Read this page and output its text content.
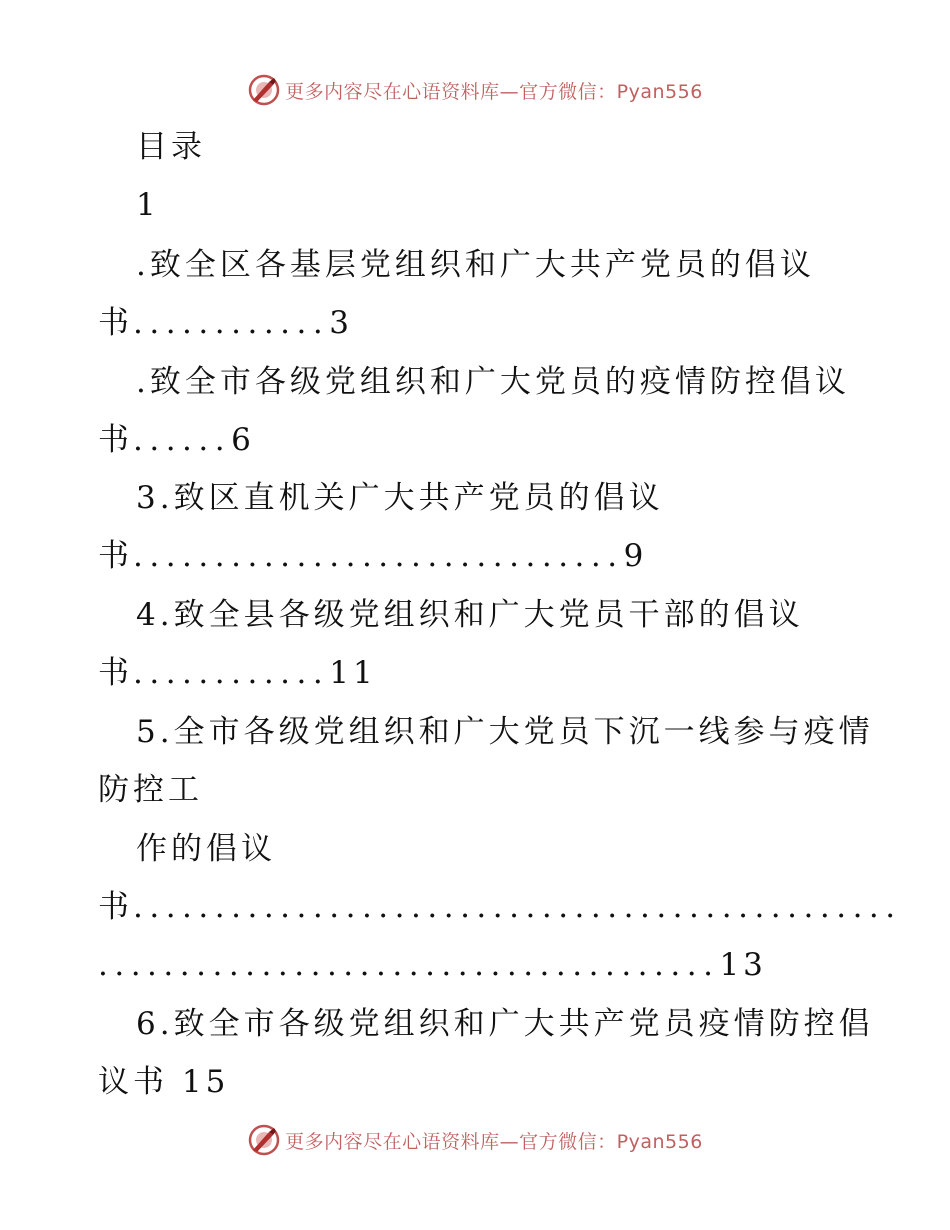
更多内容尽在心语资料库—官方微信：Pyan556
目录
1
.致全区各基层党组织和广大共产党员的倡议
书............3
.致全市各级党组织和广大党员的疫情防控倡议
书......6
3.致区直机关广大共产党员的倡议
书..............................9
4.致全县各级党组织和广大党员干部的倡议
书............11
5.全市各级党组织和广大党员下沉一线参与疫情
防控工
作的倡议
书...............................................
......................................13
6.致全市各级党组织和广大共产党员疫情防控倡
议书 15
更多内容尽在心语资料库—官方微信：Pyan556
